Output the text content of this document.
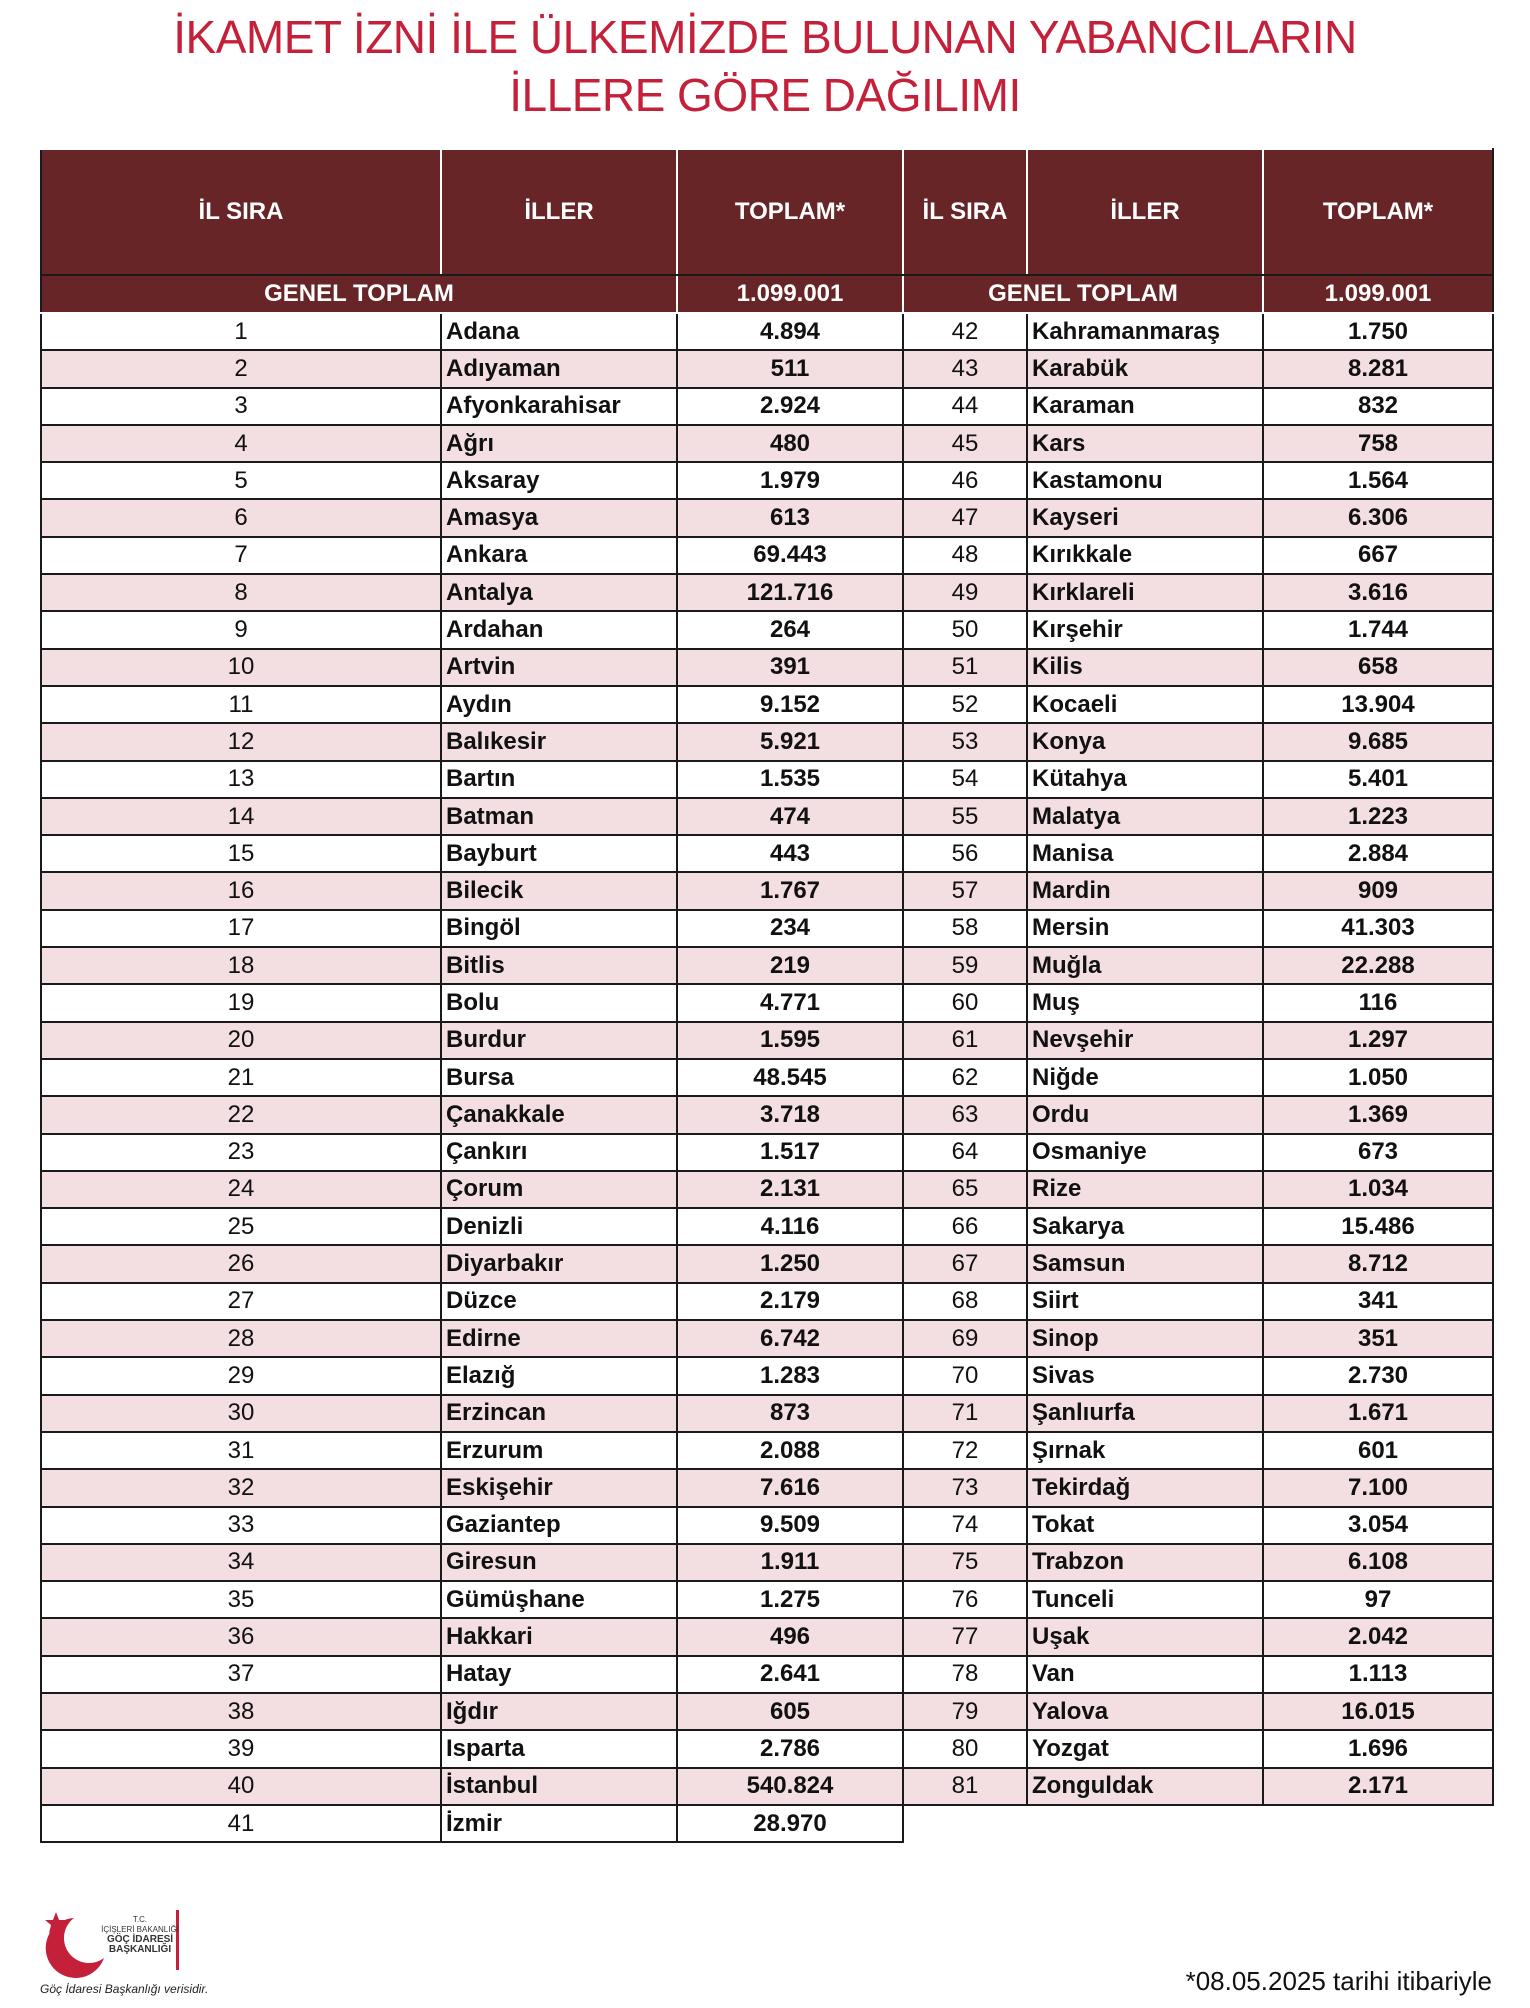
İKAMET İZNİ İLE ÜLKEMİZDE BULUNAN YABANCILARIN
İLLERE GÖRE DAĞILIMI
İL SIRA	İLLER	TOPLAM*	İL SIRA	İLLER	TOPLAM*
GENEL TOPLAM		1.099.001	GENEL TOPLAM		1.099.001
1	Adana	4.894	42	Kahramanmaraş	1.750
2	Adıyaman	511	43	Karabük	8.281
3	Afyonkarahisar	2.924	44	Karaman	832
4	Ağrı	480	45	Kars	758
5	Aksaray	1.979	46	Kastamonu	1.564
6	Amasya	613	47	Kayseri	6.306
7	Ankara	69.443	48	Kırıkkale	667
8	Antalya	121.716	49	Kırklareli	3.616
9	Ardahan	264	50	Kırşehir	1.744
10	Artvin	391	51	Kilis	658
11	Aydın	9.152	52	Kocaeli	13.904
12	Balıkesir	5.921	53	Konya	9.685
13	Bartın	1.535	54	Kütahya	5.401
14	Batman	474	55	Malatya	1.223
15	Bayburt	443	56	Manisa	2.884
16	Bilecik	1.767	57	Mardin	909
17	Bingöl	234	58	Mersin	41.303
18	Bitlis	219	59	Muğla	22.288
19	Bolu	4.771	60	Muş	116
20	Burdur	1.595	61	Nevşehir	1.297
21	Bursa	48.545	62	Niğde	1.050
22	Çanakkale	3.718	63	Ordu	1.369
23	Çankırı	1.517	64	Osmaniye	673
24	Çorum	2.131	65	Rize	1.034
25	Denizli	4.116	66	Sakarya	15.486
26	Diyarbakır	1.250	67	Samsun	8.712
27	Düzce	2.179	68	Siirt	341
28	Edirne	6.742	69	Sinop	351
29	Elazığ	1.283	70	Sivas	2.730
30	Erzincan	873	71	Şanlıurfa	1.671
31	Erzurum	2.088	72	Şırnak	601
32	Eskişehir	7.616	73	Tekirdağ	7.100
33	Gaziantep	9.509	74	Tokat	3.054
34	Giresun	1.911	75	Trabzon	6.108
35	Gümüşhane	1.275	76	Tunceli	97
36	Hakkari	496	77	Uşak	2.042
37	Hatay	2.641	78	Van	1.113
38	Iğdır	605	79	Yalova	16.015
39	Isparta	2.786	80	Yozgat	1.696
40	İstanbul	540.824	81	Zonguldak	2.171
41	İzmir	28.970			
T.C.
İÇİŞLERİ BAKANLIĞI
GÖÇ İDARESİ
BAŞKANLIĞI
Göç İdaresi Başkanlığı verisidir.	*08.05.2025 tarihi itibariyle
